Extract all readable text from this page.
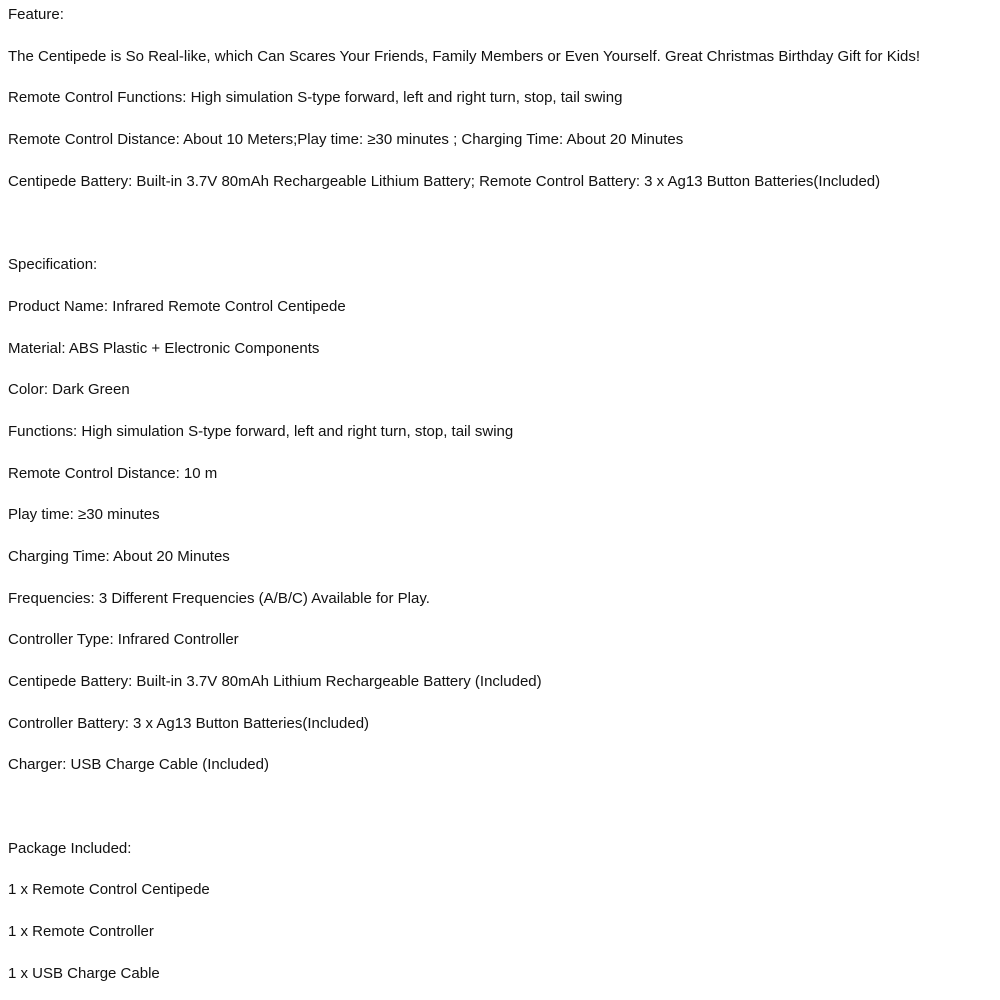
Feature:
The Centipede is So Real-like, which Can Scares Your Friends, Family Members or Even Yourself. Great Christmas Birthday Gift for Kids!
Remote Control Functions: High simulation S-type forward, left and right turn, stop, tail swing
Remote Control Distance: About 10 Meters;Play time: ≥30 minutes ; Charging Time: About 20 Minutes
Centipede Battery: Built-in 3.7V 80mAh Rechargeable Lithium Battery; Remote Control Battery: 3 x Ag13 Button Batteries(Included)
Specification:
Product Name: Infrared Remote Control Centipede
Material: ABS Plastic + Electronic Components
Color: Dark Green
Functions: High simulation S-type forward, left and right turn, stop, tail swing
Remote Control Distance: 10 m
Play time: ≥30 minutes
Charging Time: About 20 Minutes
Frequencies: 3 Different Frequencies (A/B/C) Available for Play.
Controller Type: Infrared Controller
Centipede Battery: Built-in 3.7V 80mAh Lithium Rechargeable Battery (Included)
Controller Battery: 3 x Ag13 Button Batteries(Included)
Charger: USB Charge Cable (Included)
Package Included:
1 x Remote Control Centipede
1 x Remote Controller
1 x USB Charge Cable
